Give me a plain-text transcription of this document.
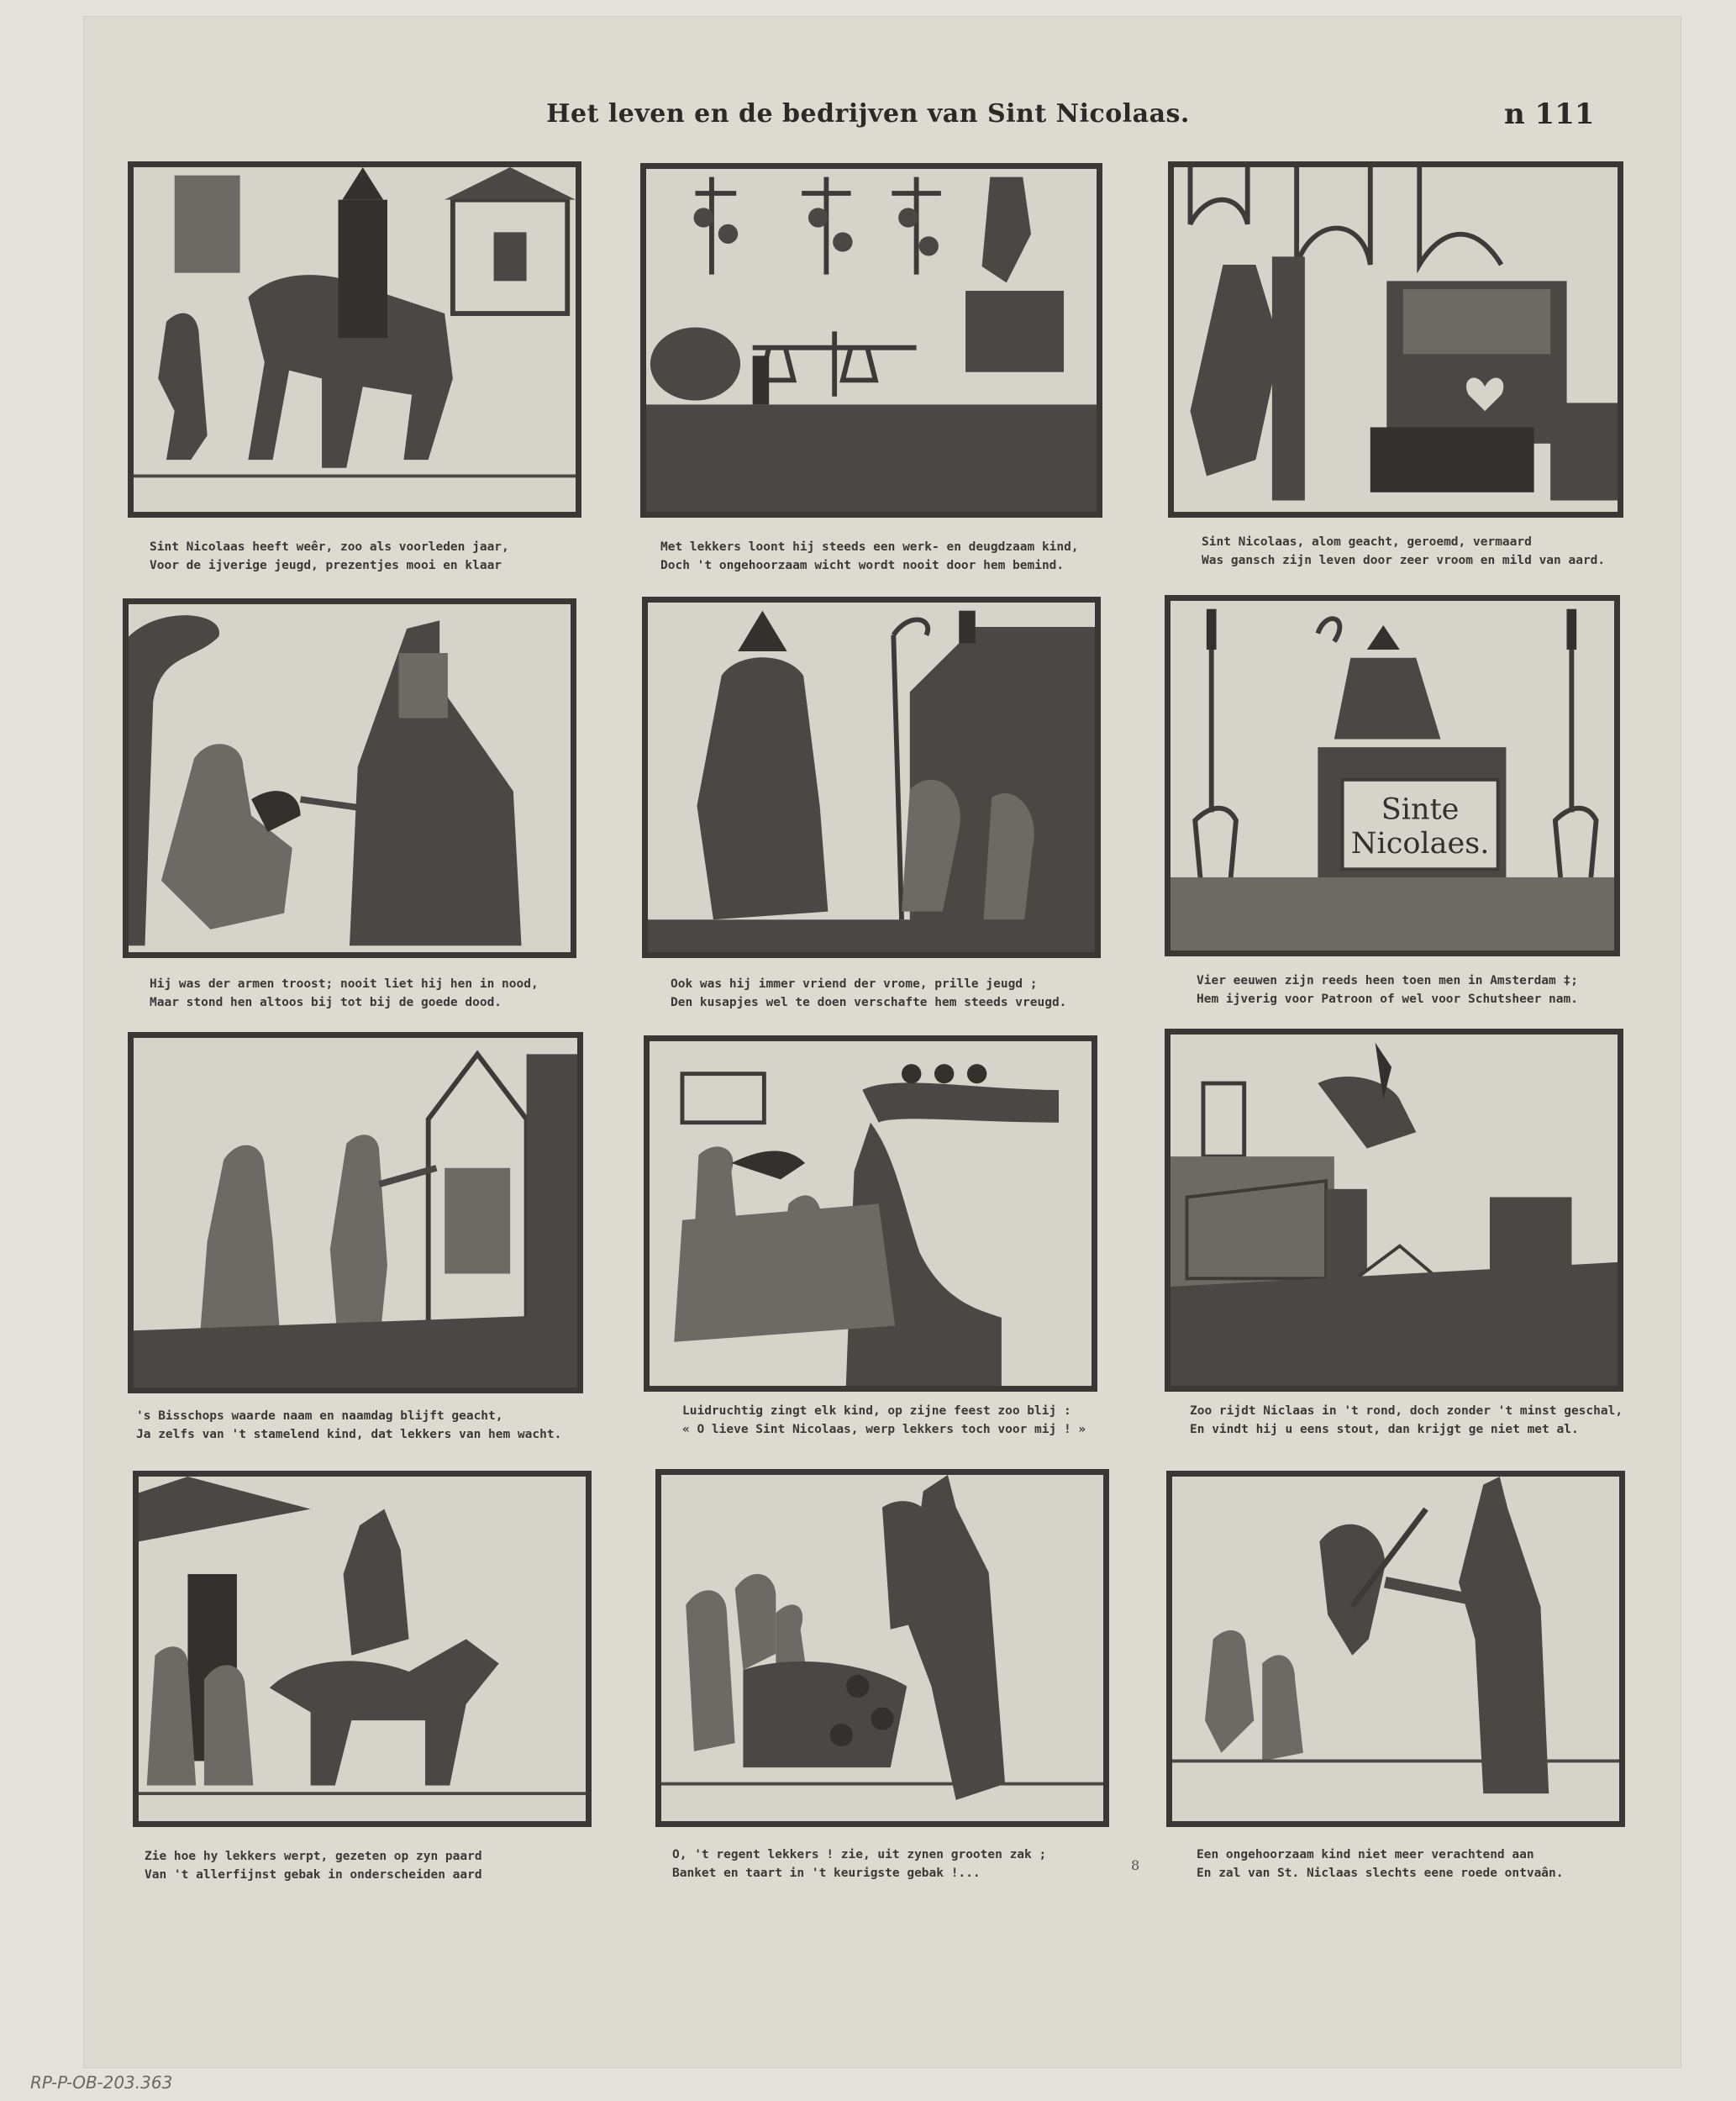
Het leven en de bedrijven van Sint Nicolaas.	n 111
Sint Nicolaas heeft weêr, zoo als voorleden jaar,
Voor de ijverige jeugd, prezentjes mooi en klaar
Met lekkers loont hij steeds een werk- en deugdzaam kind,
Doch 't ongehoorzaam wicht wordt nooit door hem bemind.
Sint Nicolaas, alom geacht, geroemd, vermaard
Was gansch zijn leven door zeer vroom en mild van aard.
Hij was der armen troost; nooit liet hij hen in nood,
Maar stond hen altoos bij tot bij de goede dood.
Ook was hij immer vriend der vrome, prille jeugd ;
Den kusapjes wel te doen verschafte hem steeds vreugd.
Sinte
Nicolaes.
Vier eeuwen zijn reeds heen toen men in Amsterdam ‡;
Hem ijverig voor Patroon of wel voor Schutsheer nam.
's Bisschops waarde naam en naamdag blijft geacht,
Ja zelfs van 't stamelend kind, dat lekkers van hem wacht.
Luidruchtig zingt elk kind, op zijne feest zoo blij :
« O lieve Sint Nicolaas, werp lekkers toch voor mij ! »
Zoo rijdt Niclaas in 't rond, doch zonder 't minst geschal,
En vindt hij u eens stout, dan krijgt ge niet met al.
Zie hoe hy lekkers werpt, gezeten op zyn paard
Van 't allerfijnst gebak in onderscheiden aard
O, 't regent lekkers ! zie, uit zynen grooten zak ;
Banket en taart in 't keurigste gebak !...
Een ongehoorzaam kind niet meer verachtend aan
En zal van St. Niclaas slechts eene roede ontvaân.
8
RP-P-OB-203.363
